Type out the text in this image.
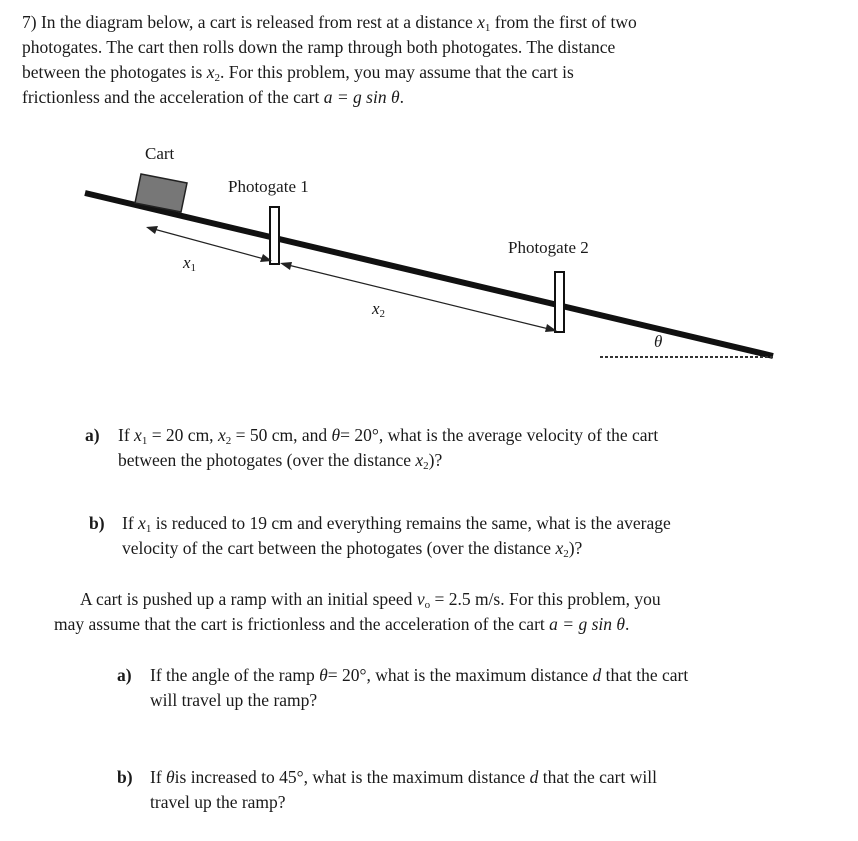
7) In the diagram below, a cart is released from rest at a distance $x_1$ from the first of two
photogates. The cart then rolls down the ramp through both photogates. The distance
between the photogates is $x_2$. For this problem, you may assume that the cart is
frictionless and the acceleration of the cart a = g sin θ.
Cart
Photogate 1
Photogate 2
$x_1$
$x_2$
θ
a) If $x_1 = 20$ cm, $x_2 = 50$ cm, and θ= 20°, what is the average velocity of the cart
between the photogates (over the distance $x_2$)?
b) If $x_1$ is reduced to 19 cm and everything remains the same, what is the average
velocity of the cart between the photogates (over the distance $x_2$)?
A cart is pushed up a ramp with an initial speed $v_o = 2.5$ m/s. For this problem, you
may assume that the cart is frictionless and the acceleration of the cart a = g sin θ.
a) If the angle of the ramp θ= 20°, what is the maximum distance d that the cart
will travel up the ramp?
b) If θis increased to 45°, what is the maximum distance d that the cart will
travel up the ramp?
